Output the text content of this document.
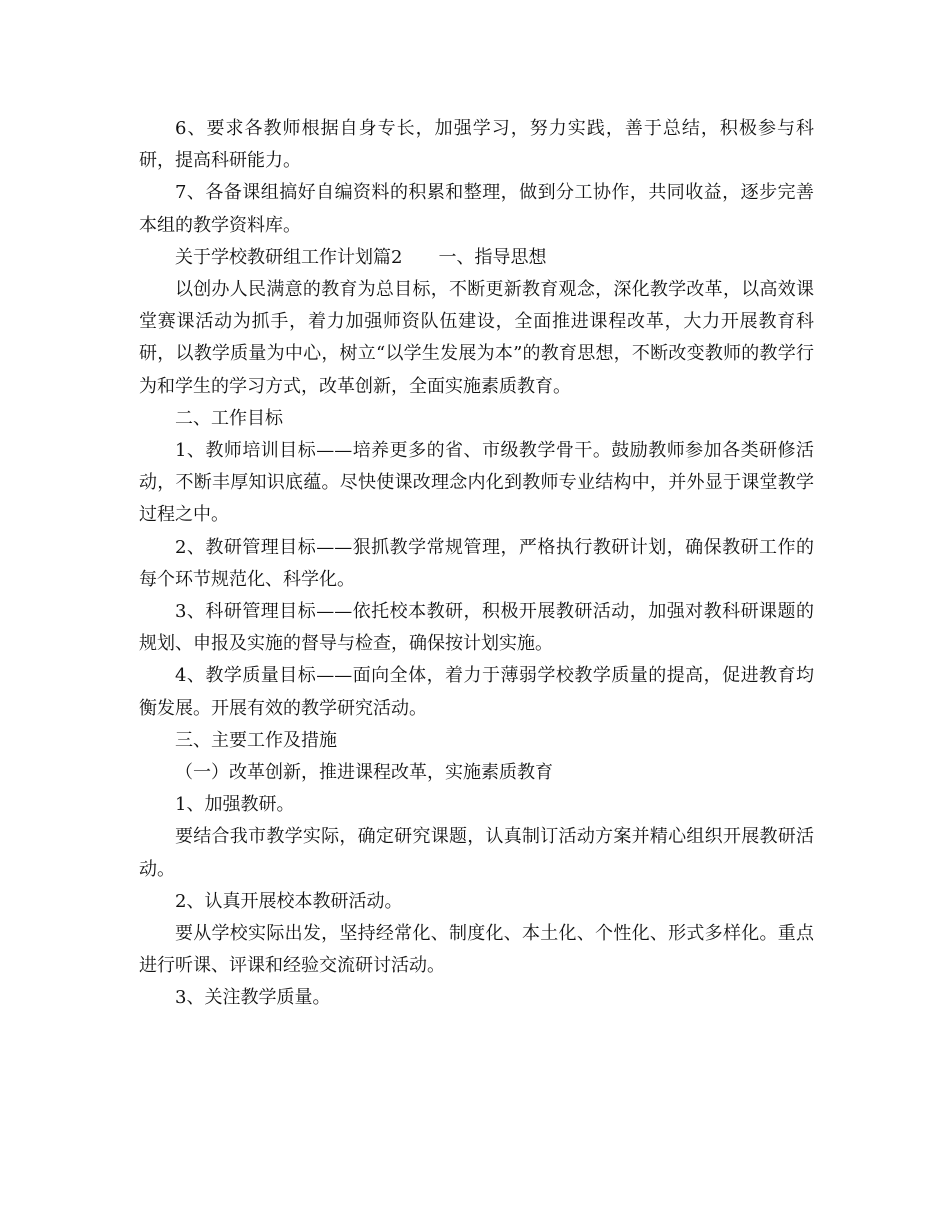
6、要求各教师根据自身专长，加强学习，努力实践，善于总结，积极参与科研，提高科研能力。

7、各备课组搞好自编资料的积累和整理，做到分工协作，共同收益，逐步完善本组的教学资料库。

关于学校教研组工作计划篇2　　一、指导思想

以创办人民满意的教育为总目标，不断更新教育观念，深化教学改革，以高效课堂赛课活动为抓手，着力加强师资队伍建设，全面推进课程改革，大力开展教育科研，以教学质量为中心，树立“以学生发展为本”的教育思想，不断改变教师的教学行为和学生的学习方式，改革创新，全面实施素质教育。

二、工作目标

1、教师培训目标——培养更多的省、市级教学骨干。鼓励教师参加各类研修活动，不断丰厚知识底蕴。尽快使课改理念内化到教师专业结构中，并外显于课堂教学过程之中。

2、教研管理目标——狠抓教学常规管理，严格执行教研计划，确保教研工作的每个环节规范化、科学化。

3、科研管理目标——依托校本教研，积极开展教研活动，加强对教科研课题的规划、申报及实施的督导与检查，确保按计划实施。

4、教学质量目标——面向全体，着力于薄弱学校教学质量的提高，促进教育均衡发展。开展有效的教学研究活动。

三、主要工作及措施

（一）改革创新，推进课程改革，实施素质教育

1、加强教研。

要结合我市教学实际，确定研究课题，认真制订活动方案并精心组织开展教研活动。

2、认真开展校本教研活动。

要从学校实际出发，坚持经常化、制度化、本土化、个性化、形式多样化。重点进行听课、评课和经验交流研讨活动。

3、关注教学质量。
